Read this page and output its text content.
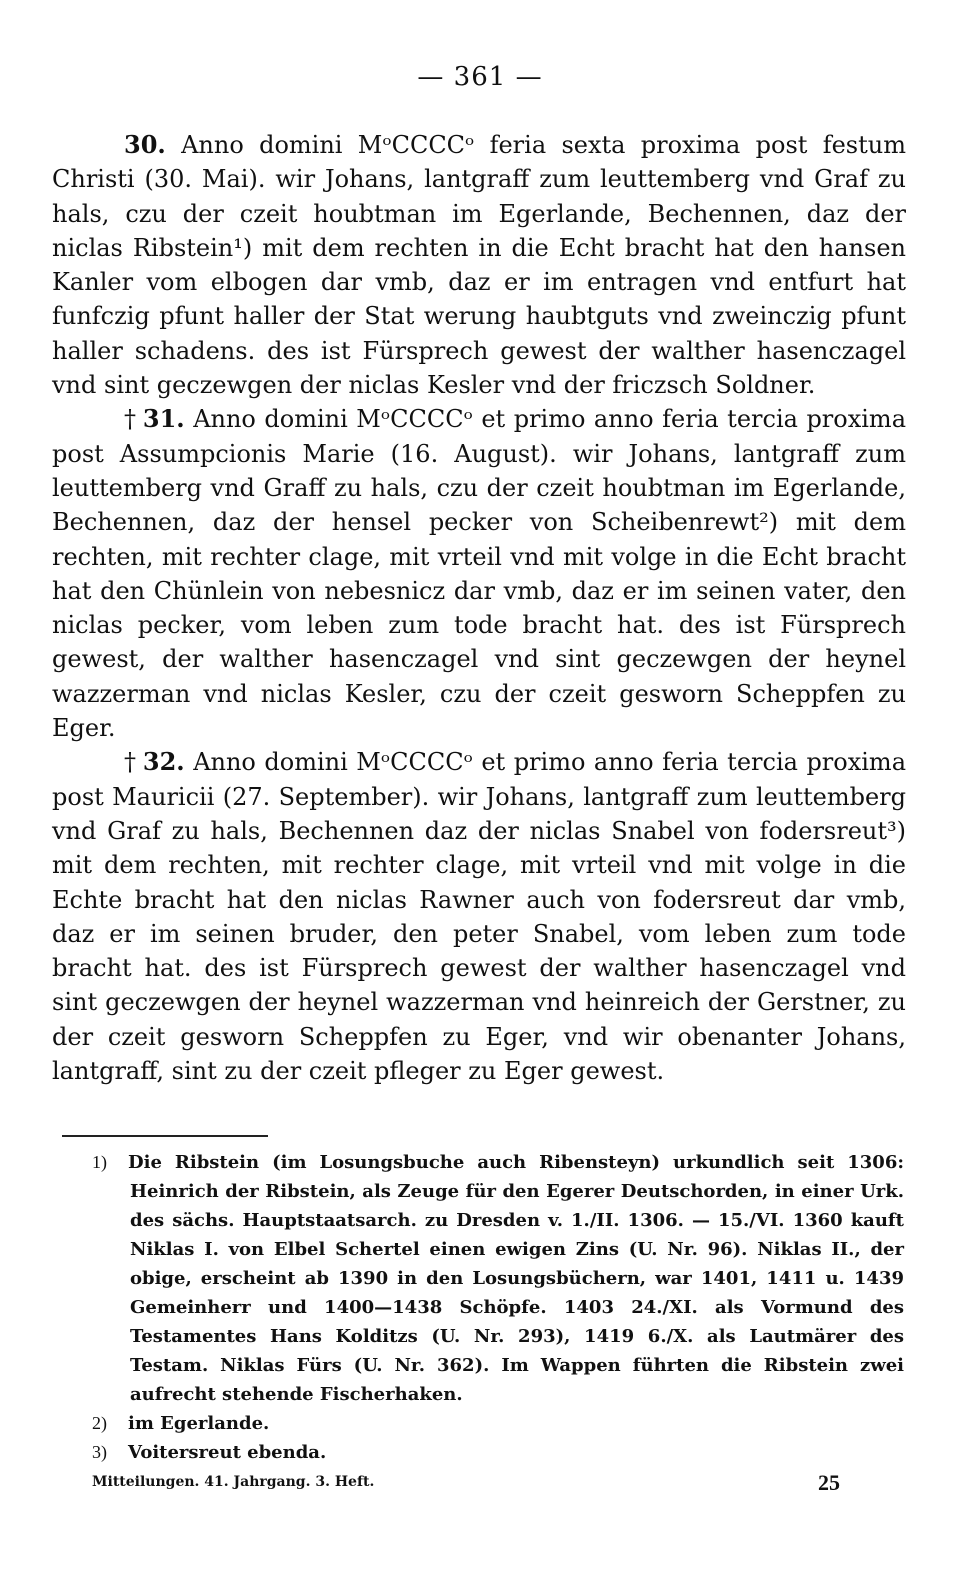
— 361 —

30. Anno domini MᵒCCCCᵒ feria sexta proxima post festum Christi (30. Mai). wir Johans, lantgraff zum leuttemberg vnd Graf zu hals, czu der czeit houbtman im Egerlande, Bechennen, daz der niclas Ribstein¹) mit dem rechten in die Echt bracht hat den hansen Kanler vom elbogen dar vmb, daz er im entragen vnd entfurt hat funfczig pfunt haller der Stat werung haubtguts vnd zweinczig pfunt haller schadens. des ist Fürsprech gewest der walther hasenczagel vnd sint geczewgen der niclas Kesler vnd der friczsch Soldner.

† 31. Anno domini MᵒCCCCᵒ et primo anno feria tercia proxima post Assumpcionis Marie (16. August). wir Johans, lantgraff zum leuttemberg vnd Graff zu hals, czu der czeit houbtman im Egerlande, Bechennen, daz der hensel pecker von Scheibenrewt²) mit dem rechten, mit rechter clage, mit vrteil vnd mit volge in die Echt bracht hat den Chünlein von nebesnicz dar vmb, daz er im seinen vater, den niclas pecker, vom leben zum tode bracht hat. des ist Fürsprech gewest, der walther hasenczagel vnd sint geczewgen der heynel wazzerman vnd niclas Kesler, czu der czeit gesworn Scheppfen zu Eger.

† 32. Anno domini MᵒCCCCᵒ et primo anno feria tercia proxima post Mauricii (27. September). wir Johans, lantgraff zum leuttemberg vnd Graf zu hals, Bechennen daz der niclas Snabel von fodersreut³) mit dem rechten, mit rechter clage, mit vrteil vnd mit volge in die Echte bracht hat den niclas Rawner auch von fodersreut dar vmb, daz er im seinen bruder, den peter Snabel, vom leben zum tode bracht hat. des ist Fürsprech gewest der walther hasenczagel vnd sint geczewgen der heynel wazzerman vnd heinreich der Gerstner, zu der czeit gesworn Scheppfen zu Eger, vnd wir obenanter Johans, lantgraff, sint zu der czeit pfleger zu Eger gewest.

1) Die Ribstein (im Losungsbuche auch Ribensteyn) urkundlich seit 1306: Heinrich der Ribstein, als Zeuge für den Egerer Deutschorden, in einer Urk. des sächs. Hauptstaatsarch. zu Dresden v. 1./II. 1306. — 15./VI. 1360 kauft Niklas I. von Elbel Schertel einen ewigen Zins (U. Nr. 96). Niklas II., der obige, erscheint ab 1390 in den Losungsbüchern, war 1401, 1411 u. 1439 Gemeinherr und 1400—1438 Schöpfe. 1403 24./XI. als Vormund des Testamentes Hans Kolditzs (U. Nr. 293), 1419 6./X. als Lautmärer des Testam. Niklas Fürs (U. Nr. 362). Im Wappen führten die Ribstein zwei aufrecht stehende Fischerhaken.

2) im Egerlande.

3) Voitersreut ebenda.

Mitteilungen. 41. Jahrgang. 3. Heft.	25
